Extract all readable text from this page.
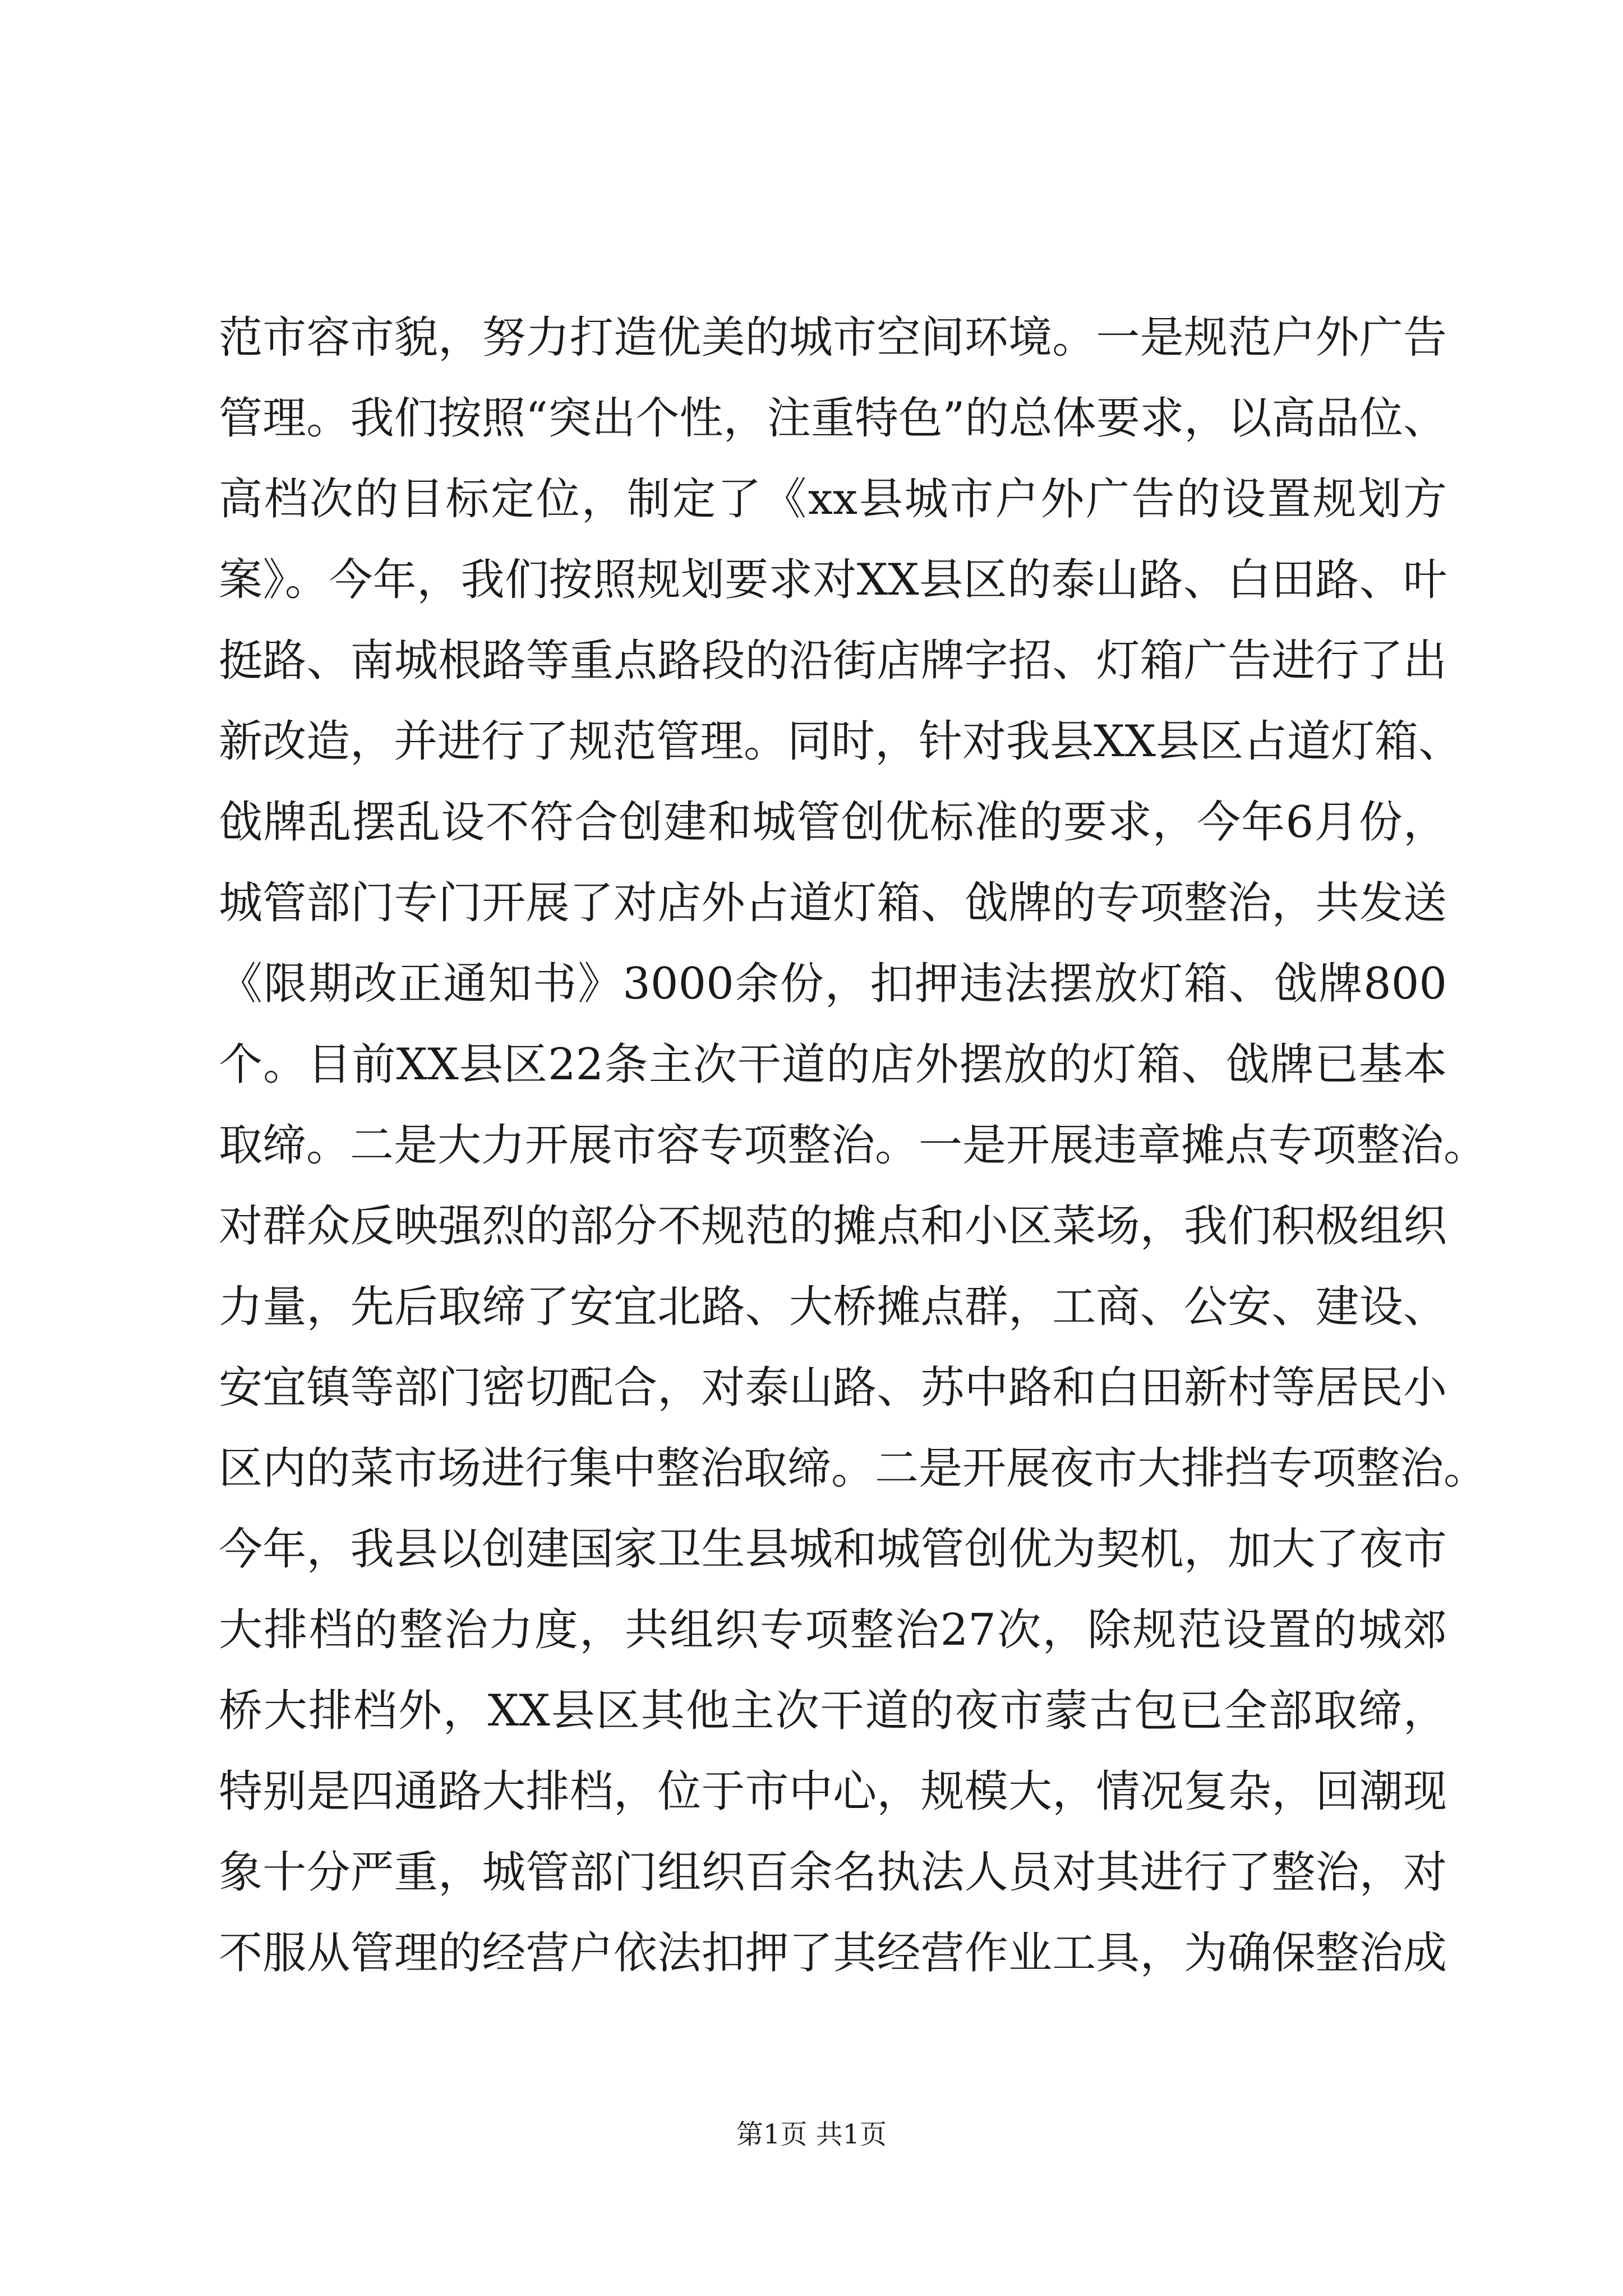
范市容市貌，努力打造优美的城市空间环境。一是规范户外广告
管理。我们按照“突出个性，注重特色”的总体要求，以高品位、
高档次的目标定位，制定了《xx县城市户外广告的设置规划方
案》。今年，我们按照规划要求对XX县区的泰山路、白田路、叶
挺路、南城根路等重点路段的沿街店牌字招、灯箱广告进行了出
新改造，并进行了规范管理。同时，针对我县XX县区占道灯箱、
戗牌乱摆乱设不符合创建和城管创优标准的要求，今年6月份，
城管部门专门开展了对店外占道灯箱、戗牌的专项整治，共发送
《限期改正通知书》3000余份，扣押违法摆放灯箱、戗牌800
个。目前XX县区22条主次干道的店外摆放的灯箱、戗牌已基本
取缔。二是大力开展市容专项整治。一是开展违章摊点专项整治。
对群众反映强烈的部分不规范的摊点和小区菜场，我们积极组织
力量，先后取缔了安宜北路、大桥摊点群，工商、公安、建设、
安宜镇等部门密切配合，对泰山路、苏中路和白田新村等居民小
区内的菜市场进行集中整治取缔。二是开展夜市大排挡专项整治。
今年，我县以创建国家卫生县城和城管创优为契机，加大了夜市
大排档的整治力度，共组织专项整治27次，除规范设置的城郊
桥大排档外，XX县区其他主次干道的夜市蒙古包已全部取缔，
特别是四通路大排档，位于市中心，规模大，情况复杂，回潮现
象十分严重，城管部门组织百余名执法人员对其进行了整治，对
不服从管理的经营户依法扣押了其经营作业工具，为确保整治成
第1页 共1页
